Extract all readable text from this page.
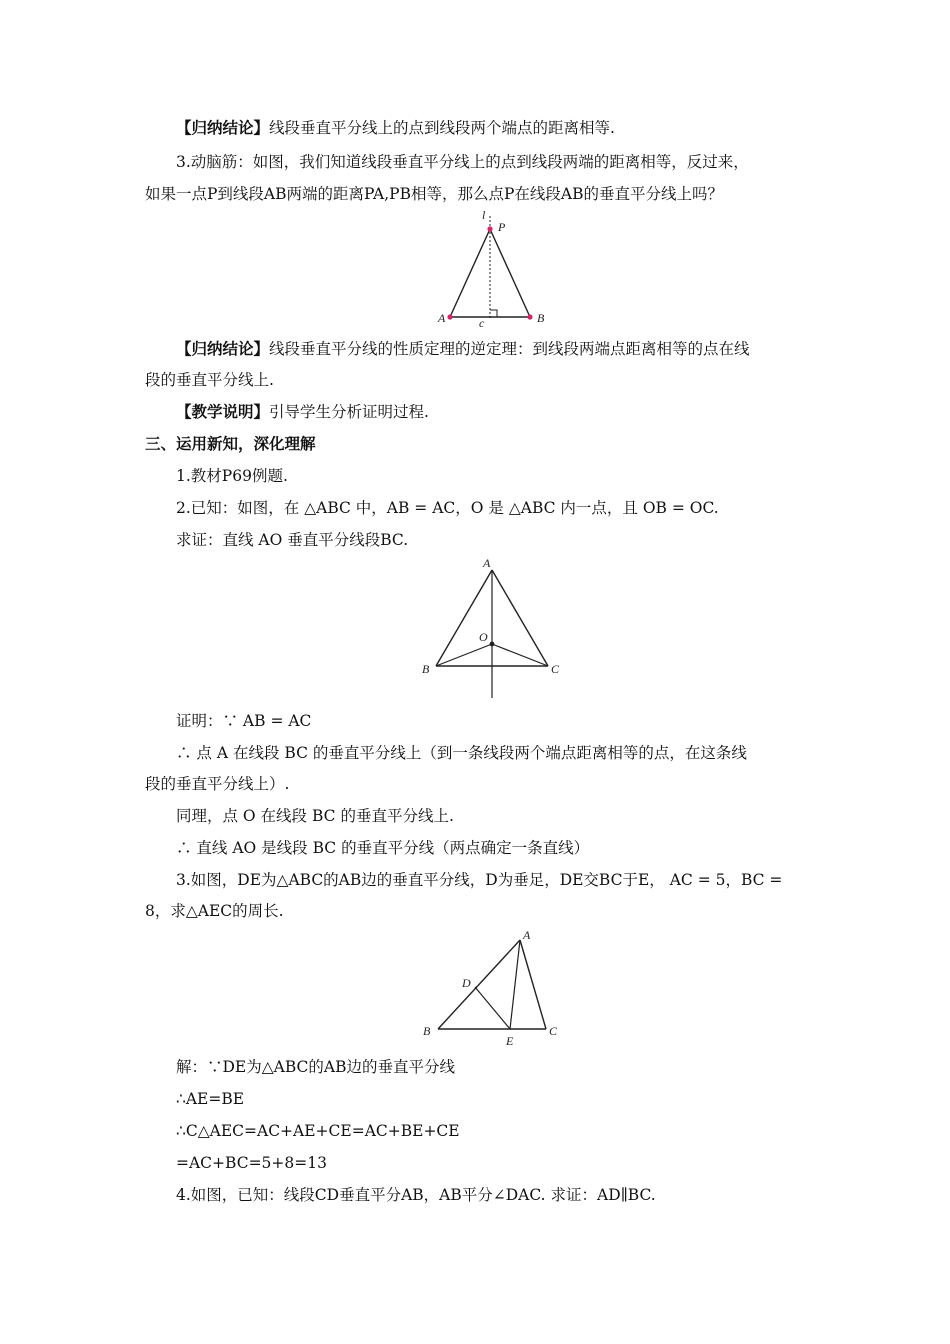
【归纳结论】线段垂直平分线上的点到线段两个端点的距离相等.
3.动脑筋：如图，我们知道线段垂直平分线上的点到线段两端的距离相等，反过来，
如果一点P到线段AB两端的距离PA,PB相等，那么点P在线段AB的垂直平分线上吗？
l
P
A	B
c
【归纳结论】线段垂直平分线的性质定理的逆定理：到线段两端点距离相等的点在线
段的垂直平分线上.
【教学说明】引导学生分析证明过程.
三、运用新知，深化理解
1.教材P69例题.
2.已知：如图，在 △ABC 中，AB = AC，O 是 △ABC 内一点，且 OB = OC.
求证：直线 AO 垂直平分线段BC.
A
O
B	C
证明：∵ AB = AC
∴ 点 A 在线段 BC 的垂直平分线上（到一条线段两个端点距离相等的点，在这条线
段的垂直平分线上）.
同理，点 O 在线段 BC 的垂直平分线上.
∴ 直线 AO 是线段 BC 的垂直平分线（两点确定一条直线）
3.如图，DE为△ABC的AB边的垂直平分线，D为垂足，DE交BC于E， AC = 5，BC =
8，求△AEC的周长.
A
D
B
E
C
解：∵DE为△ABC的AB边的垂直平分线
∴AE=BE
∴C△AEC=AC+AE+CE=AC+BE+CE
=AC+BC=5+8=13
4.如图，已知：线段CD垂直平分AB，AB平分∠DAC. 求证：AD∥BC.
